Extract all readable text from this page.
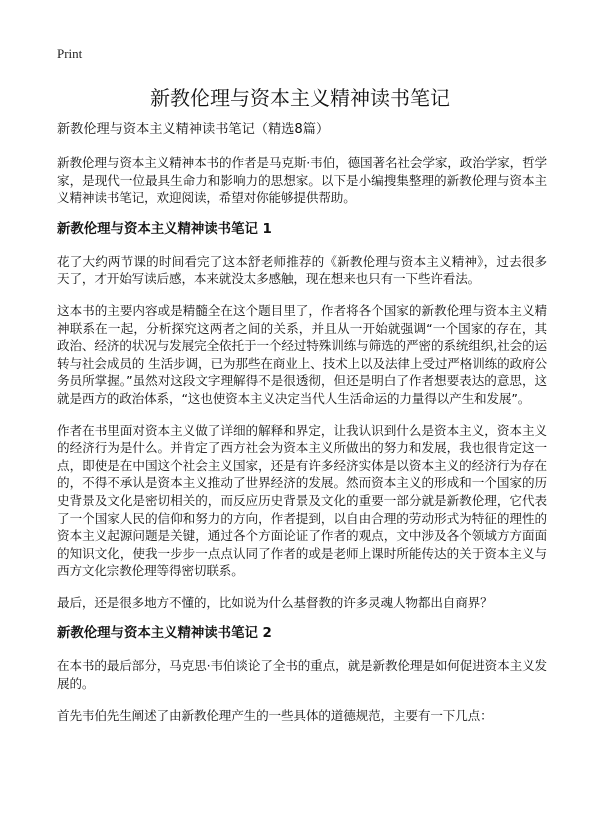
Print
新教伦理与资本主义精神读书笔记

新教伦理与资本主义精神读书笔记（精选8篇）

新教伦理与资本主义精神本书的作者是马克斯·韦伯，德国著名社会学家，政治学家，哲学家，是现代一位最具生命力和影响力的思想家。以下是小编搜集整理的新教伦理与资本主义精神读书笔记，欢迎阅读，希望对你能够提供帮助。

新教伦理与资本主义精神读书笔记 1

花了大约两节课的时间看完了这本舒老师推荐的《新教伦理与资本主义精神》，过去很多天了，才开始写读后感，本来就没太多感触，现在想来也只有一下些许看法。

这本书的主要内容或是精髓全在这个题目里了，作者将各个国家的新教伦理与资本主义精神联系在一起，分析探究这两者之间的关系，并且从一开始就强调“一个国家的存在，其政治、经济的状况与发展完全依托于一个经过特殊训练与筛选的严密的系统组织,社会的运转与社会成员的 生活步调，已为那些在商业上、技术上以及法律上受过严格训练的政府公务员所掌握。”虽然对这段文字理解得不是很透彻，但还是明白了作者想要表达的意思，这就是西方的政治体系，“这也使资本主义决定当代人生活命运的力量得以产生和发展”。

作者在书里面对资本主义做了详细的解释和界定，让我认识到什么是资本主义，资本主义的经济行为是什么。并肯定了西方社会为资本主义所做出的努力和发展，我也很肯定这一点，即使是在中国这个社会主义国家，还是有许多经济实体是以资本主义的经济行为存在的，不得不承认是资本主义推动了世界经济的发展。然而资本主义的形成和一个国家的历史背景及文化是密切相关的，而反应历史背景及文化的重要一部分就是新教伦理，它代表了一个国家人民的信仰和努力的方向，作者提到，以自由合理的劳动形式为特征的理性的资本主义起源问题是关键，通过各个方面论证了作者的观点，文中涉及各个领域方方面面的知识文化，使我一步步一点点认同了作者的或是老师上课时所能传达的关于资本主义与西方文化宗教伦理等得密切联系。

最后，还是很多地方不懂的，比如说为什么基督教的许多灵魂人物都出自商界？

新教伦理与资本主义精神读书笔记 2

在本书的最后部分，马克思·韦伯谈论了全书的重点，就是新教伦理是如何促进资本主义发展的。

首先韦伯先生阐述了由新教伦理产生的一些具体的道德规范，主要有一下几点：
